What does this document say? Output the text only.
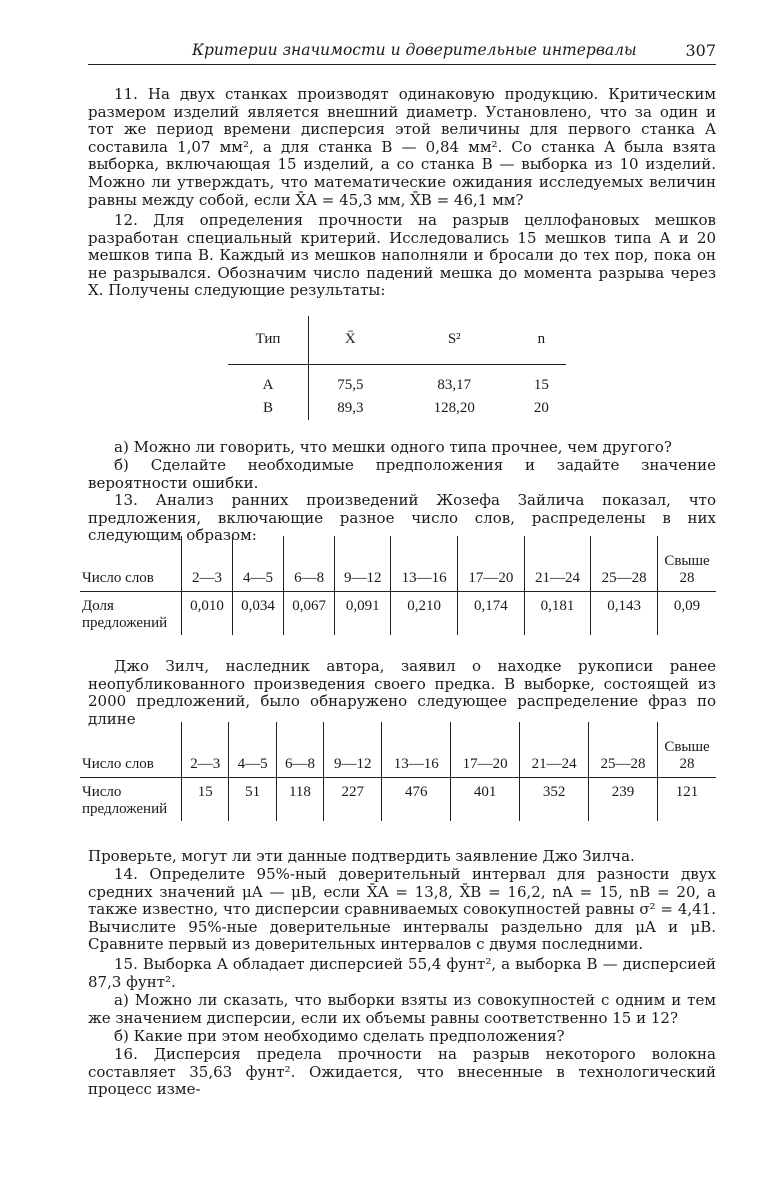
Критерии значимости и доверительные интервалы	307

11. На двух станках производят одинаковую продукцию. Критическим размером изделий является внешний диаметр. Установлено, что за один и тот же период времени дисперсия этой величины для первого станка A составила 1,07 мм², а для станка B — 0,84 мм². Со станка A была взята выборка, включающая 15 изделий, а со станка B — выборка из 10 изделий. Можно ли утверждать, что математические ожидания исследуемых величин равны между собой, если X̄A = 45,3 мм, X̄B = 46,1 мм?

12. Для определения прочности на разрыв целлофановых мешков разработан специальный критерий. Исследовались 15 мешков типа A и 20 мешков типа B. Каждый из мешков наполняли и бросали до тех пор, пока он не разрывался. Обозначим число падений мешка до момента разрыва через X. Получены следующие результаты:

Тип	X̄	S²	n
A	75,5	83,17	15
B	89,3	128,20	20

а) Можно ли говорить, что мешки одного типа прочнее, чем другого?

б) Сделайте необходимые предположения и задайте значение вероятности ошибки.

13. Анализ ранних произведений Жозефа Зайлича показал, что предложения, включающие разное число слов, распределены в них следующим образом:

Число слов	2—3	4—5	6—8	9—12	13—16	17—20	21—24	25—28	Свыше 28
Доля предложений	0,010	0,034	0,067	0,091	0,210	0,174	0,181	0,143	0,09

Джо Зилч, наследник автора, заявил о находке рукописи ранее неопубликованного произведения своего предка. В выборке, состоящей из 2000 предложений, было обнаружено следующее распределение фраз по длине

Число слов	2—3	4—5	6—8	9—12	13—16	17—20	21—24	25—28	Свыше 28
Число предложений	15	51	118	227	476	401	352	239	121

Проверьте, могут ли эти данные подтвердить заявление Джо Зилча.

14. Определите 95%-ный доверительный интервал для разности двух средних значений μA — μB, если X̄A = 13,8, X̄B = 16,2, nA = 15, nB = 20, а также известно, что дисперсии сравниваемых совокупностей равны σ² = 4,41. Вычислите 95%-ные доверительные интервалы раздельно для μA и μB. Сравните первый из доверительных интервалов с двумя последними.

15. Выборка A обладает дисперсией 55,4 фунт², а выборка B — дисперсией 87,3 фунт².

а) Можно ли сказать, что выборки взяты из совокупностей с одним и тем же значением дисперсии, если их объемы равны соответственно 15 и 12?

б) Какие при этом необходимо сделать предположения?

16. Дисперсия предела прочности на разрыв некоторого волокна составляет 35,63 фунт². Ожидается, что внесенные в технологический процесс изме-
